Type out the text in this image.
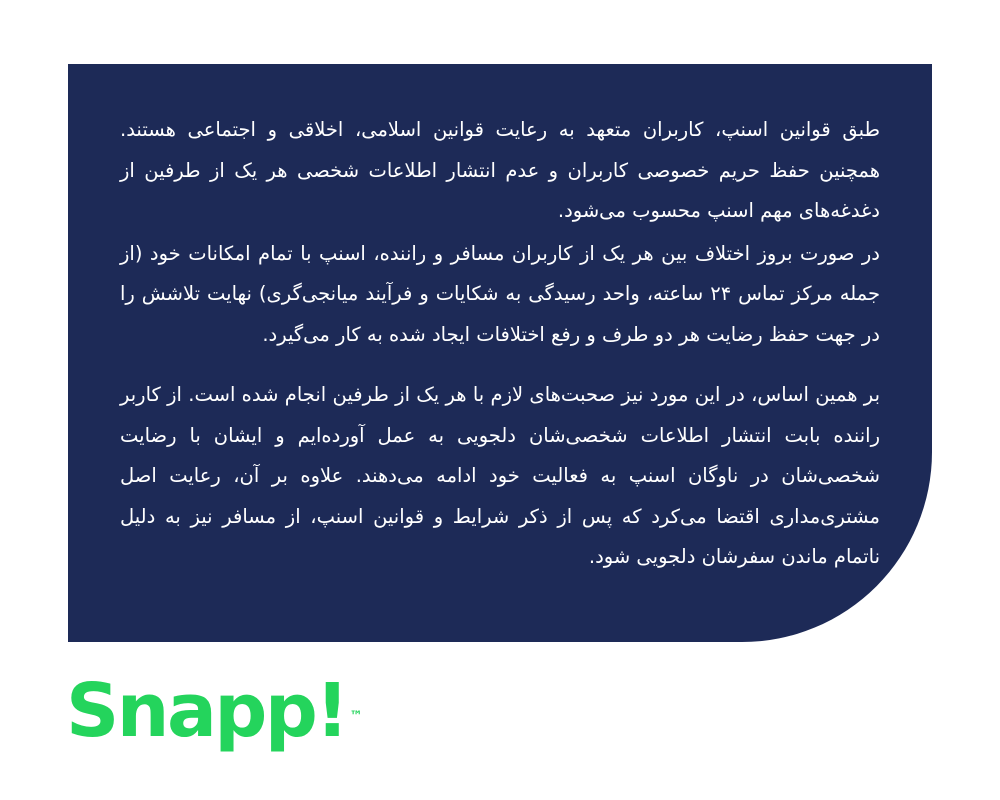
طبق قوانین اسنپ، کاربران متعهد به رعایت قوانین اسلامی، اخلاقی و اجتماعی هستند. همچنین حفظ حریم خصوصی کاربران و عدم انتشار اطلاعات شخصی هر یک از طرفین از دغدغه‌های مهم اسنپ محسوب می‌شود.

در صورت بروز اختلاف بین هر یک از کاربران مسافر و راننده، اسنپ با تمام امکانات خود (از جمله مرکز تماس ۲۴ ساعته، واحد رسیدگی به شکایات و فرآیند میانجی‌گری) نهایت تلاشش را در جهت حفظ رضایت هر دو طرف و رفع اختلافات ایجاد شده به کار می‌گیرد.

بر همین اساس، در این مورد نیز صحبت‌های لازم با هر یک از طرفین انجام شده است. از کاربر راننده بابت انتشار اطلاعات شخصی‌شان دلجویی به عمل آورده‌ایم و ایشان با رضایت شخصی‌شان در ناوگان اسنپ به فعالیت خود ادامه می‌دهند. علاوه بر آن، رعایت اصل مشتری‌مداری اقتضا می‌کرد که پس از ذکر شرایط و قوانین اسنپ، از مسافر نیز به دلیل ناتمام ماندن سفرشان دلجویی شود.

Snapp! ™
